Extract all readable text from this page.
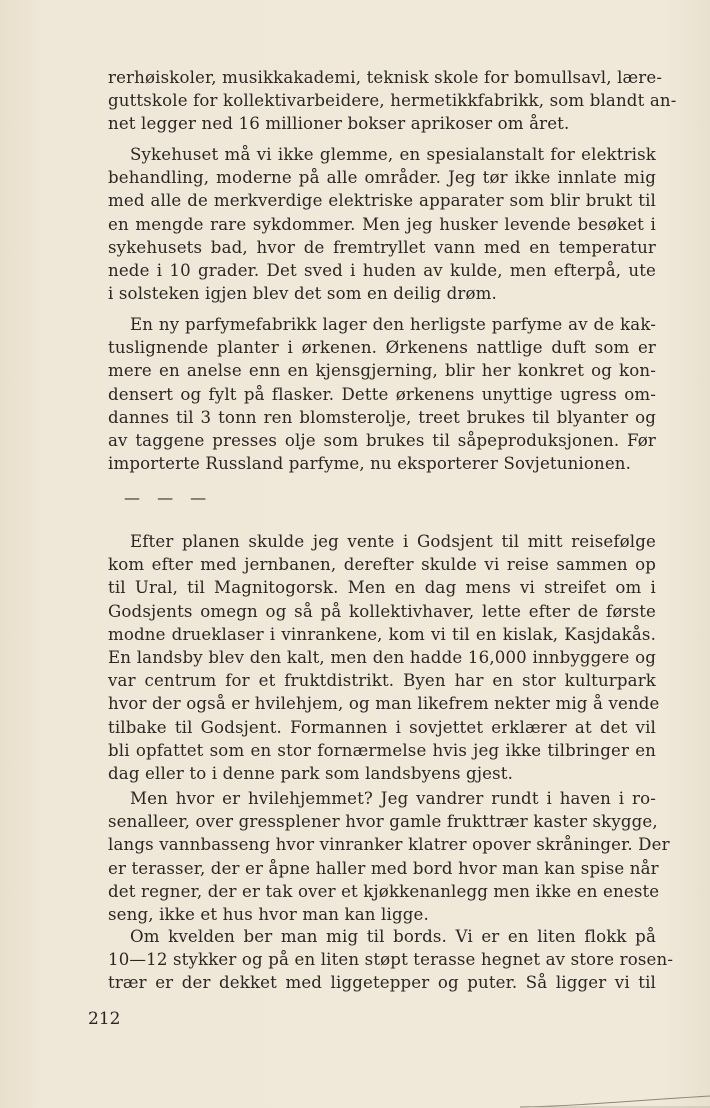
rerhøiskoler, musikkakademi, teknisk skole for bomullsavl, lære-
guttskole for kollektivarbeidere, hermetikkfabrikk, som blandt an-
net legger ned 16 millioner bokser aprikoser om året.
Sykehuset må vi ikke glemme, en spesialanstalt for elektrisk
behandling, moderne på alle områder. Jeg tør ikke innlate mig
med alle de merkverdige elektriske apparater som blir brukt til
en mengde rare sykdommer. Men jeg husker levende besøket i
sykehusets bad, hvor de fremtryllet vann med en temperatur
nede i 10 grader. Det sved i huden av kulde, men efterpå, ute
i solsteken igjen blev det som en deilig drøm.
En ny parfymefabrikk lager den herligste parfyme av de kak-
tuslignende planter i ørkenen. Ørkenens nattlige duft som er
mere en anelse enn en kjensgjerning, blir her konkret og kon-
densert og fylt på flasker. Dette ørkenens unyttige ugress om-
dannes til 3 tonn ren blomsterolje, treet brukes til blyanter og
av taggene presses olje som brukes til såpeproduksjonen. Før
importerte Russland parfyme, nu eksporterer Sovjetunionen.
— — —
Efter planen skulde jeg vente i Godsjent til mitt reisefølge
kom efter med jernbanen, derefter skulde vi reise sammen op
til Ural, til Magnitogorsk. Men en dag mens vi streifet om i
Godsjents omegn og så på kollektivhaver, lette efter de første
modne drueklaser i vinrankene, kom vi til en kislak, Kasjdakås.
En landsby blev den kalt, men den hadde 16,000 innbyggere og
var centrum for et fruktdistrikt. Byen har en stor kulturpark
hvor der også er hvilehjem, og man likefrem nekter mig å vende
tilbake til Godsjent. Formannen i sovjettet erklærer at det vil
bli opfattet som en stor fornærmelse hvis jeg ikke tilbringer en
dag eller to i denne park som landsbyens gjest.
Men hvor er hvilehjemmet? Jeg vandrer rundt i haven i ro-
senalleer, over gressplener hvor gamle frukttrær kaster skygge,
langs vannbasseng hvor vinranker klatrer opover skråninger. Der
er terasser, der er åpne haller med bord hvor man kan spise når
det regner, der er tak over et kjøkkenanlegg men ikke en eneste
seng, ikke et hus hvor man kan ligge.
Om kvelden ber man mig til bords. Vi er en liten flokk på
10—12 stykker og på en liten støpt terasse hegnet av store rosen-
trær er der dekket med liggetepper og puter. Så ligger vi til
212
